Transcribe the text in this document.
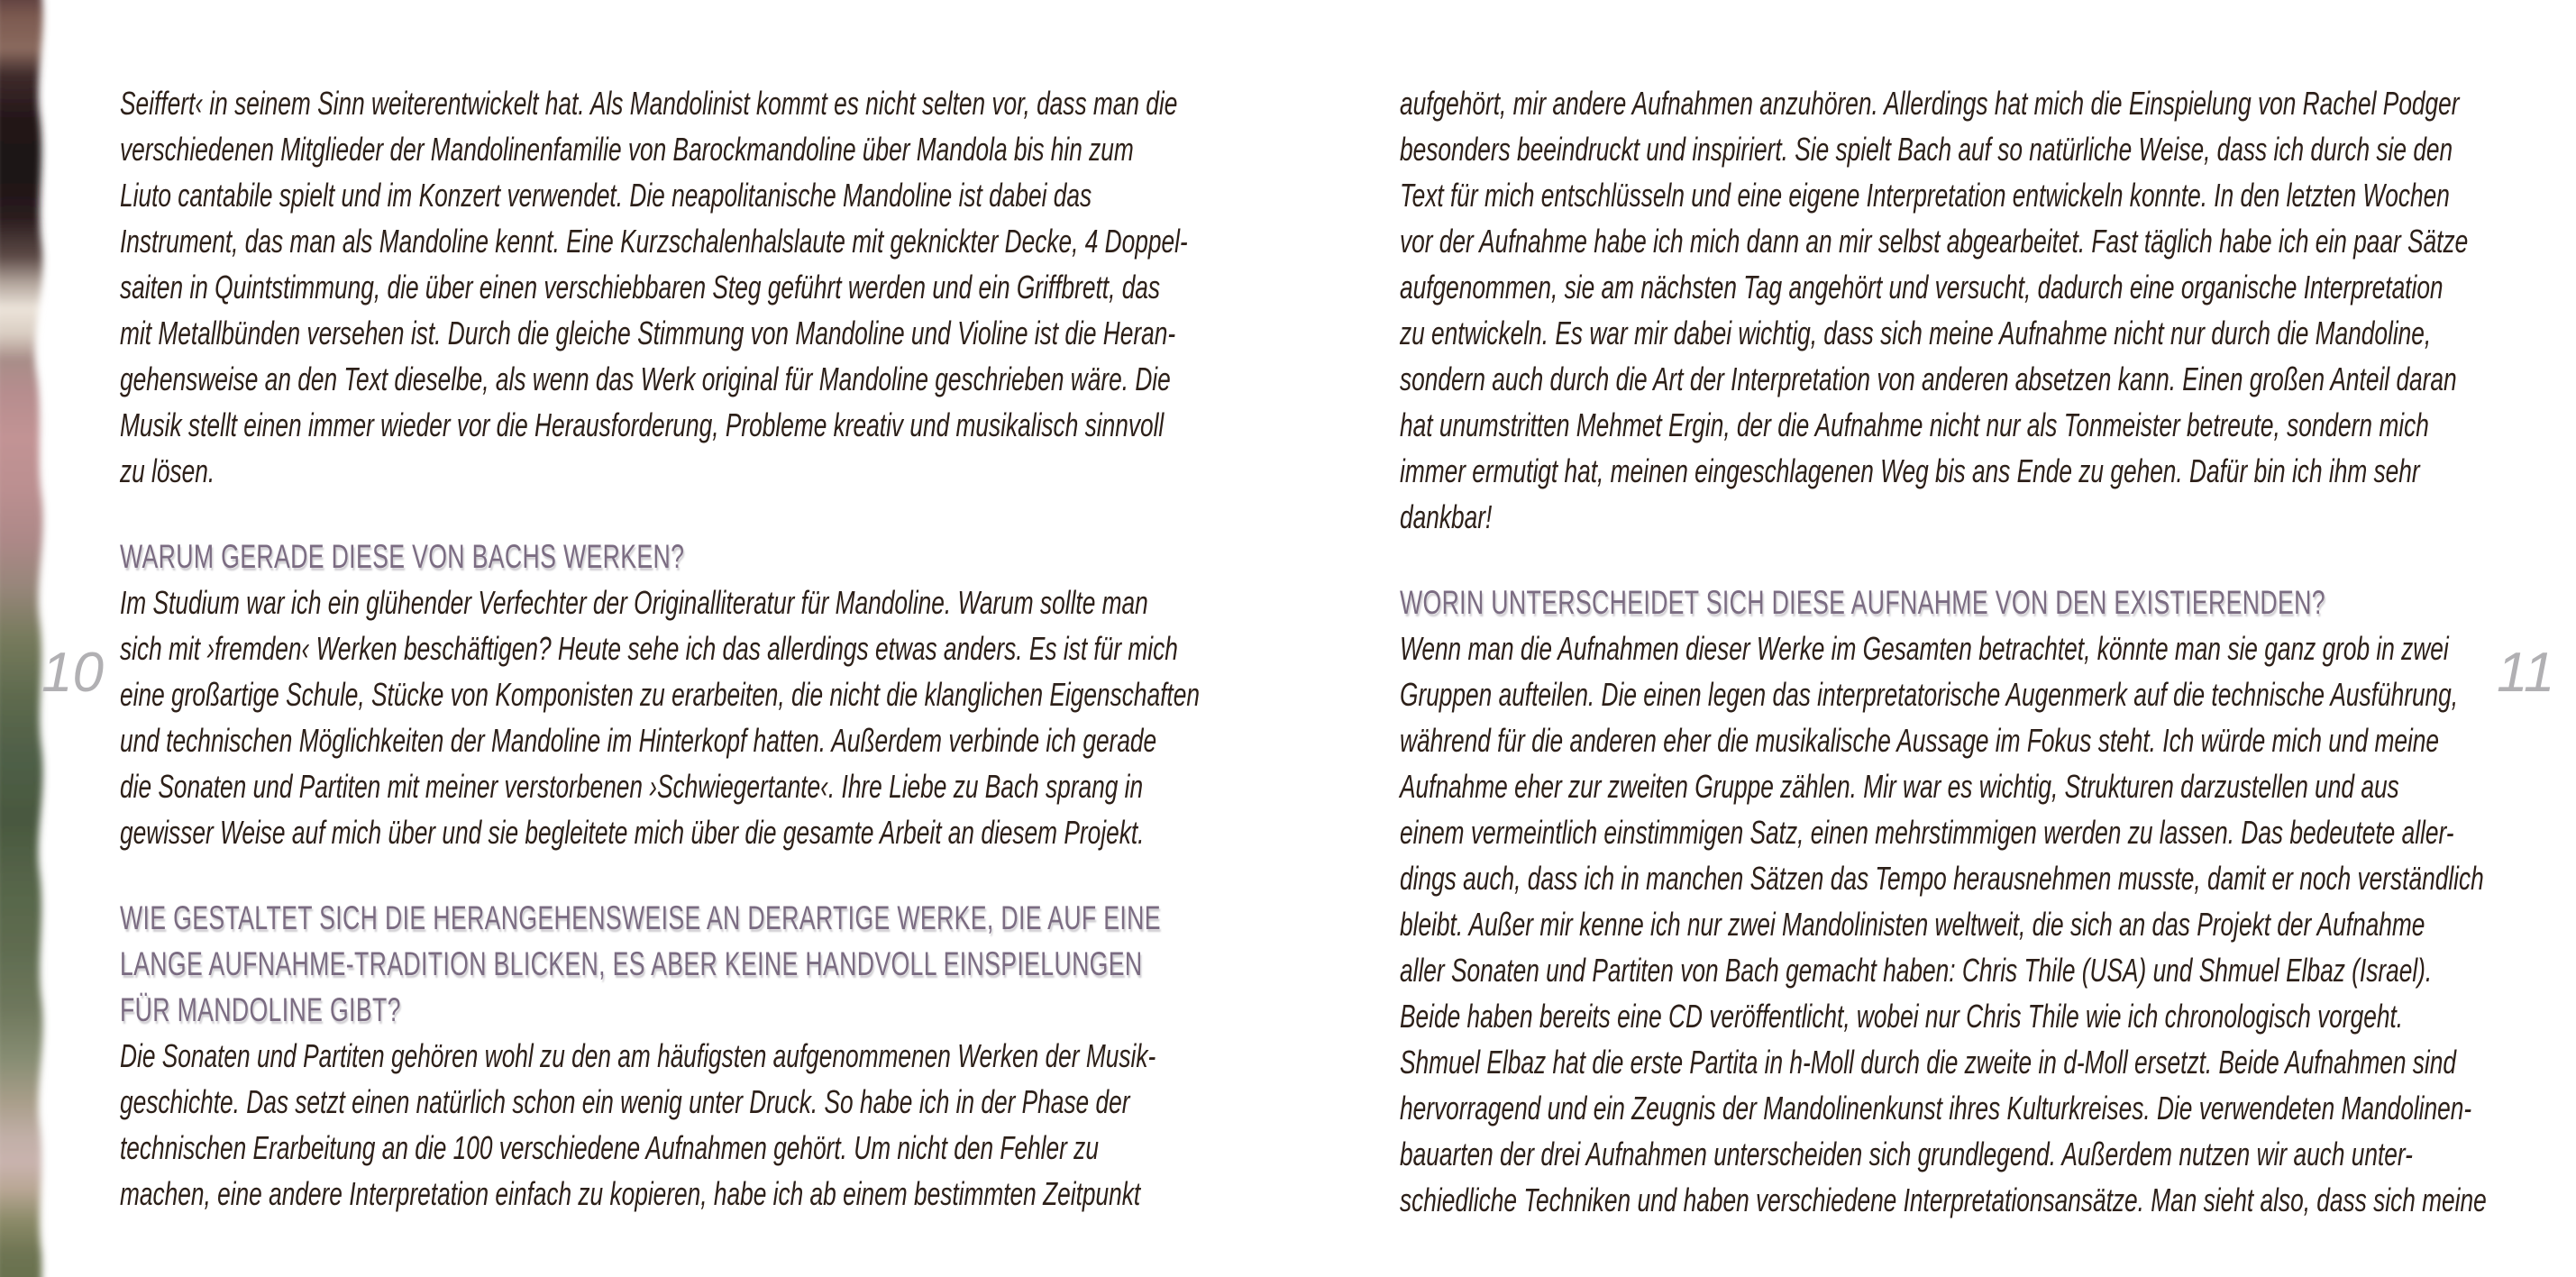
Seiffert‹ in seinem Sinn weiterentwickelt hat. Als Mandolinist kommt es nicht selten vor, dass man die
verschiedenen Mitglieder der Mandolinenfamilie von Barockmandoline über Mandola bis hin zum
Liuto cantabile spielt und im Konzert verwendet. Die neapolitanische Mandoline ist dabei das
Instrument, das man als Mandoline kennt. Eine Kurzschalenhalslaute mit geknickter Decke, 4 Doppel-
saiten in Quintstimmung, die über einen verschiebbaren Steg geführt werden und ein Griffbrett, das
mit Metallbünden versehen ist. Durch die gleiche Stimmung von Mandoline und Violine ist die Heran-
gehensweise an den Text dieselbe, als wenn das Werk original für Mandoline geschrieben wäre. Die
Musik stellt einen immer wieder vor die Herausforderung, Probleme kreativ und musikalisch sinnvoll
zu lösen.
WARUM GERADE DIESE VON BACHS WERKEN?
Im Studium war ich ein glühender Verfechter der Originalliteratur für Mandoline. Warum sollte man
sich mit ›fremden‹ Werken beschäftigen? Heute sehe ich das allerdings etwas anders. Es ist für mich
eine großartige Schule, Stücke von Komponisten zu erarbeiten, die nicht die klanglichen Eigenschaften
und technischen Möglichkeiten der Mandoline im Hinterkopf hatten. Außerdem verbinde ich gerade
die Sonaten und Partiten mit meiner verstorbenen ›Schwiegertante‹. Ihre Liebe zu Bach sprang in
gewisser Weise auf mich über und sie begleitete mich über die gesamte Arbeit an diesem Projekt.
WIE GESTALTET SICH DIE HERANGEHENSWEISE AN DERARTIGE WERKE, DIE AUF EINE
LANGE AUFNAHME-TRADITION BLICKEN, ES ABER KEINE HANDVOLL EINSPIELUNGEN
FÜR MANDOLINE GIBT?
Die Sonaten und Partiten gehören wohl zu den am häufigsten aufgenommenen Werken der Musik-
geschichte. Das setzt einen natürlich schon ein wenig unter Druck. So habe ich in der Phase der
technischen Erarbeitung an die 100 verschiedene Aufnahmen gehört. Um nicht den Fehler zu
machen, eine andere Interpretation einfach zu kopieren, habe ich ab einem bestimmten Zeitpunkt
aufgehört, mir andere Aufnahmen anzuhören. Allerdings hat mich die Einspielung von Rachel Podger
besonders beeindruckt und inspiriert. Sie spielt Bach auf so natürliche Weise, dass ich durch sie den
Text für mich entschlüsseln und eine eigene Interpretation entwickeln konnte. In den letzten Wochen
vor der Aufnahme habe ich mich dann an mir selbst abgearbeitet. Fast täglich habe ich ein paar Sätze
aufgenommen, sie am nächsten Tag angehört und versucht, dadurch eine organische Interpretation
zu entwickeln. Es war mir dabei wichtig, dass sich meine Aufnahme nicht nur durch die Mandoline,
sondern auch durch die Art der Interpretation von anderen absetzen kann. Einen großen Anteil daran
hat unumstritten Mehmet Ergin, der die Aufnahme nicht nur als Tonmeister betreute, sondern mich
immer ermutigt hat, meinen eingeschlagenen Weg bis ans Ende zu gehen. Dafür bin ich ihm sehr
dankbar!
WORIN UNTERSCHEIDET SICH DIESE AUFNAHME VON DEN EXISTIERENDEN?
Wenn man die Aufnahmen dieser Werke im Gesamten betrachtet, könnte man sie ganz grob in zwei
Gruppen aufteilen. Die einen legen das interpretatorische Augenmerk auf die technische Ausführung,
während für die anderen eher die musikalische Aussage im Fokus steht. Ich würde mich und meine
Aufnahme eher zur zweiten Gruppe zählen. Mir war es wichtig, Strukturen darzustellen und aus
einem vermeintlich einstimmigen Satz, einen mehrstimmigen werden zu lassen. Das bedeutete aller-
dings auch, dass ich in manchen Sätzen das Tempo herausnehmen musste, damit er noch verständlich
bleibt. Außer mir kenne ich nur zwei Mandolinisten weltweit, die sich an das Projekt der Aufnahme
aller Sonaten und Partiten von Bach gemacht haben: Chris Thile (USA) und Shmuel Elbaz (Israel).
Beide haben bereits eine CD veröffentlicht, wobei nur Chris Thile wie ich chronologisch vorgeht.
Shmuel Elbaz hat die erste Partita in h-Moll durch die zweite in d-Moll ersetzt. Beide Aufnahmen sind
hervorragend und ein Zeugnis der Mandolinenkunst ihres Kulturkreises. Die verwendeten Mandolinen-
bauarten der drei Aufnahmen unterscheiden sich grundlegend. Außerdem nutzen wir auch unter-
schiedliche Techniken und haben verschiedene Interpretationsansätze. Man sieht also, dass sich meine
10	11
